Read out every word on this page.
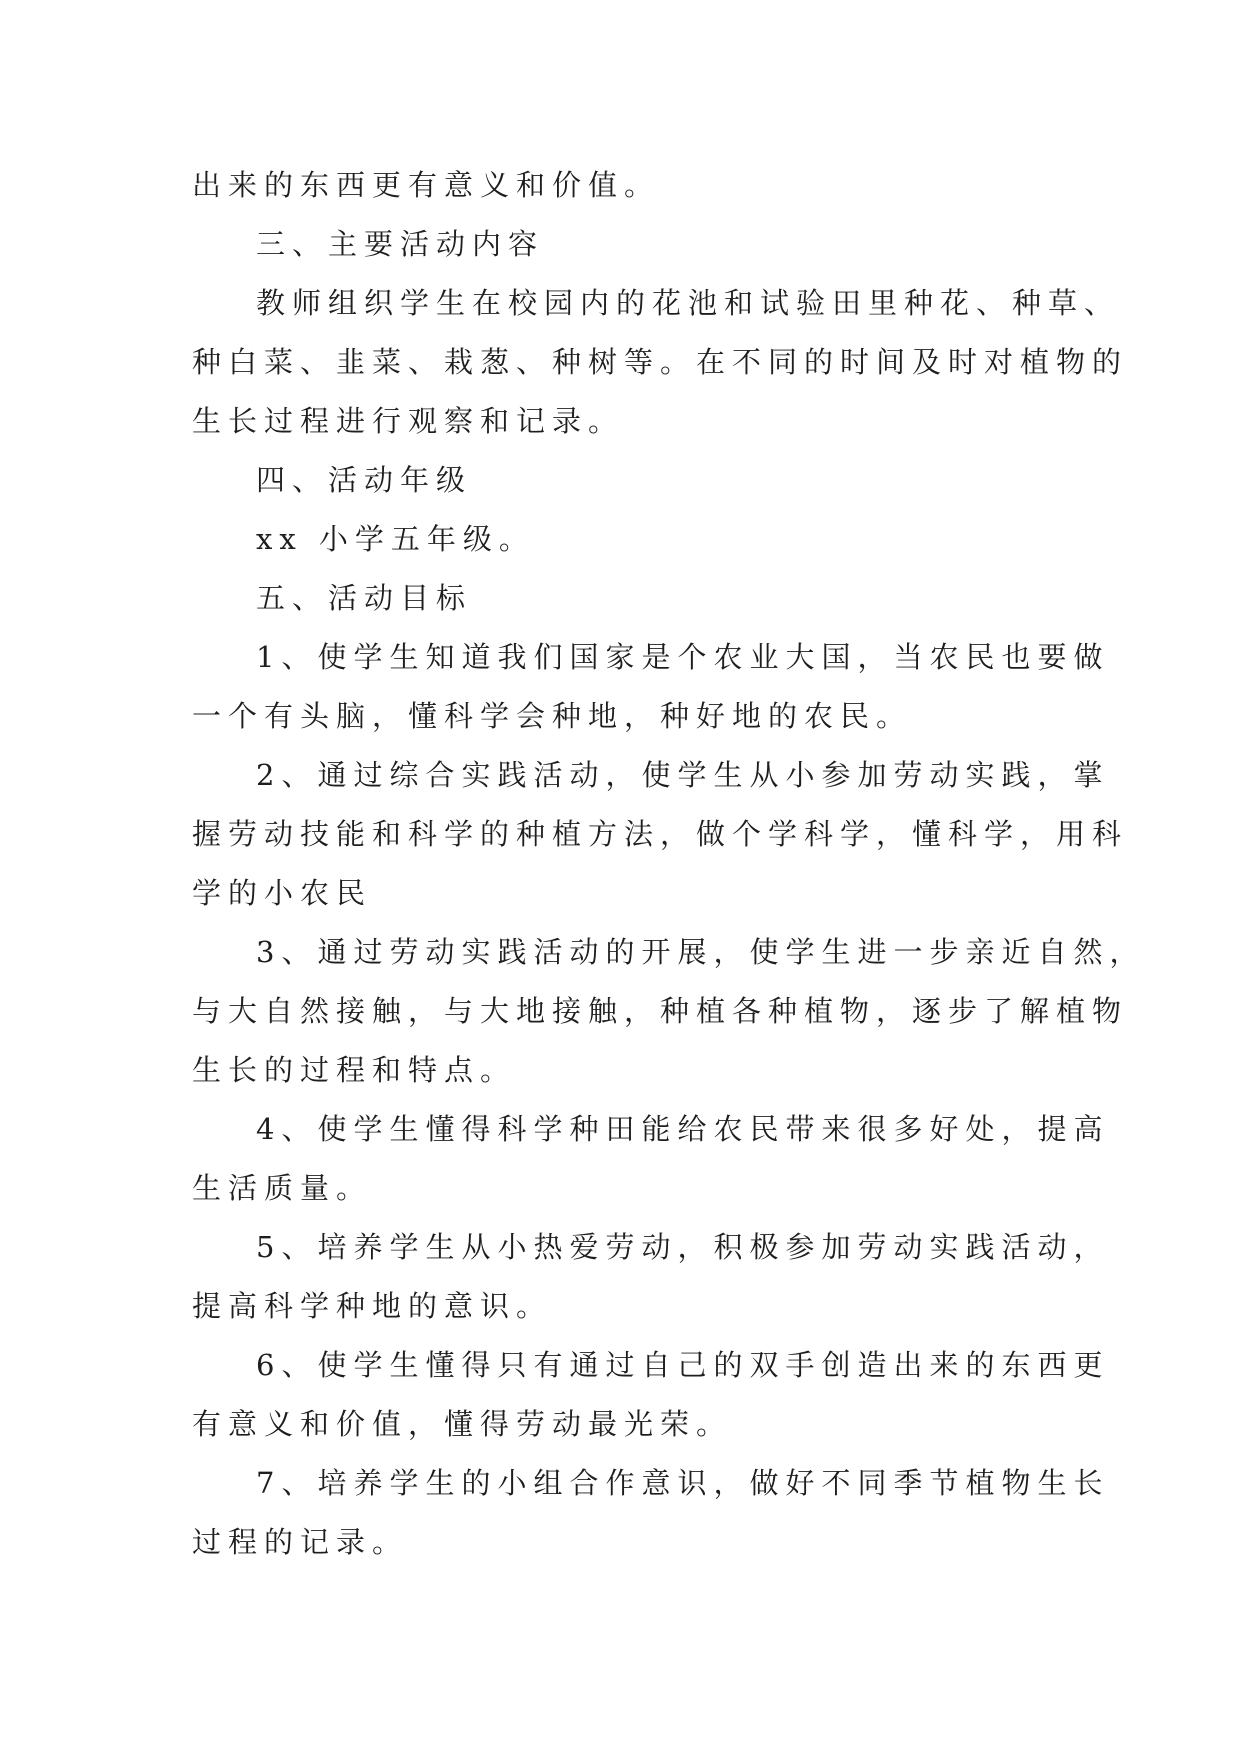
出来的东西更有意义和价值。
三、主要活动内容
教师组织学生在校园内的花池和试验田里种花、种草、
种白菜、韭菜、栽葱、种树等。在不同的时间及时对植物的
生长过程进行观察和记录。
四、活动年级
xx 小学五年级。
五、活动目标
1、使学生知道我们国家是个农业大国，当农民也要做
一个有头脑，懂科学会种地，种好地的农民。
2、通过综合实践活动，使学生从小参加劳动实践，掌
握劳动技能和科学的种植方法，做个学科学，懂科学，用科
学的小农民
3、通过劳动实践活动的开展，使学生进一步亲近自然，
与大自然接触，与大地接触，种植各种植物，逐步了解植物
生长的过程和特点。
4、使学生懂得科学种田能给农民带来很多好处，提高
生活质量。
5、培养学生从小热爱劳动，积极参加劳动实践活动，
提高科学种地的意识。
6、使学生懂得只有通过自己的双手创造出来的东西更
有意义和价值，懂得劳动最光荣。
7、培养学生的小组合作意识，做好不同季节植物生长
过程的记录。
